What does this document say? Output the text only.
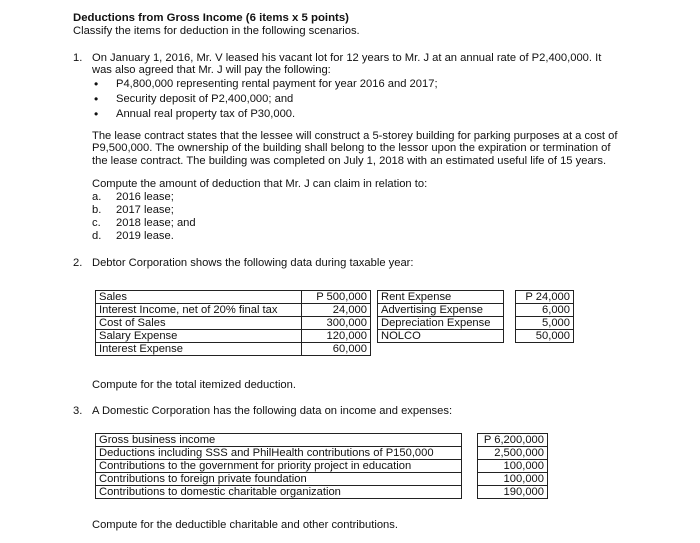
Deductions from Gross Income (6 items x 5 points)
Classify the items for deduction in the following scenarios.
1. On January 1, 2016, Mr. V leased his vacant lot for 12 years to Mr. J at an annual rate of P2,400,000. It
was also agreed that Mr. J will pay the following:
• P4,800,000 representing rental payment for year 2016 and 2017;
• Security deposit of P2,400,000; and
• Annual real property tax of P30,000.
The lease contract states that the lessee will construct a 5-storey building for parking purposes at a cost of
P9,500,000. The ownership of the building shall belong to the lessor upon the expiration or termination of
the lease contract. The building was completed on July 1, 2018 with an estimated useful life of 15 years.
Compute the amount of deduction that Mr. J can claim in relation to:
a. 2016 lease;
b. 2017 lease;
c. 2018 lease; and
d. 2019 lease.
2. Debtor Corporation shows the following data during taxable year:
Sales	P 500,000		Rent Expense		P 24,000
Interest Income, net of 20% final tax	24,000		Advertising Expense		6,000
Cost of Sales	300,000		Depreciation Expense		5,000
Salary Expense	120,000		NOLCO		50,000
Interest Expense	60,000				
Compute for the total itemized deduction.
3. A Domestic Corporation has the following data on income and expenses:
Gross business income		P 6,200,000
Deductions including SSS and PhilHealth contributions of P150,000		2,500,000
Contributions to the government for priority project in education		100,000
Contributions to foreign private foundation		100,000
Contributions to domestic charitable organization		190,000
Compute for the deductible charitable and other contributions.
